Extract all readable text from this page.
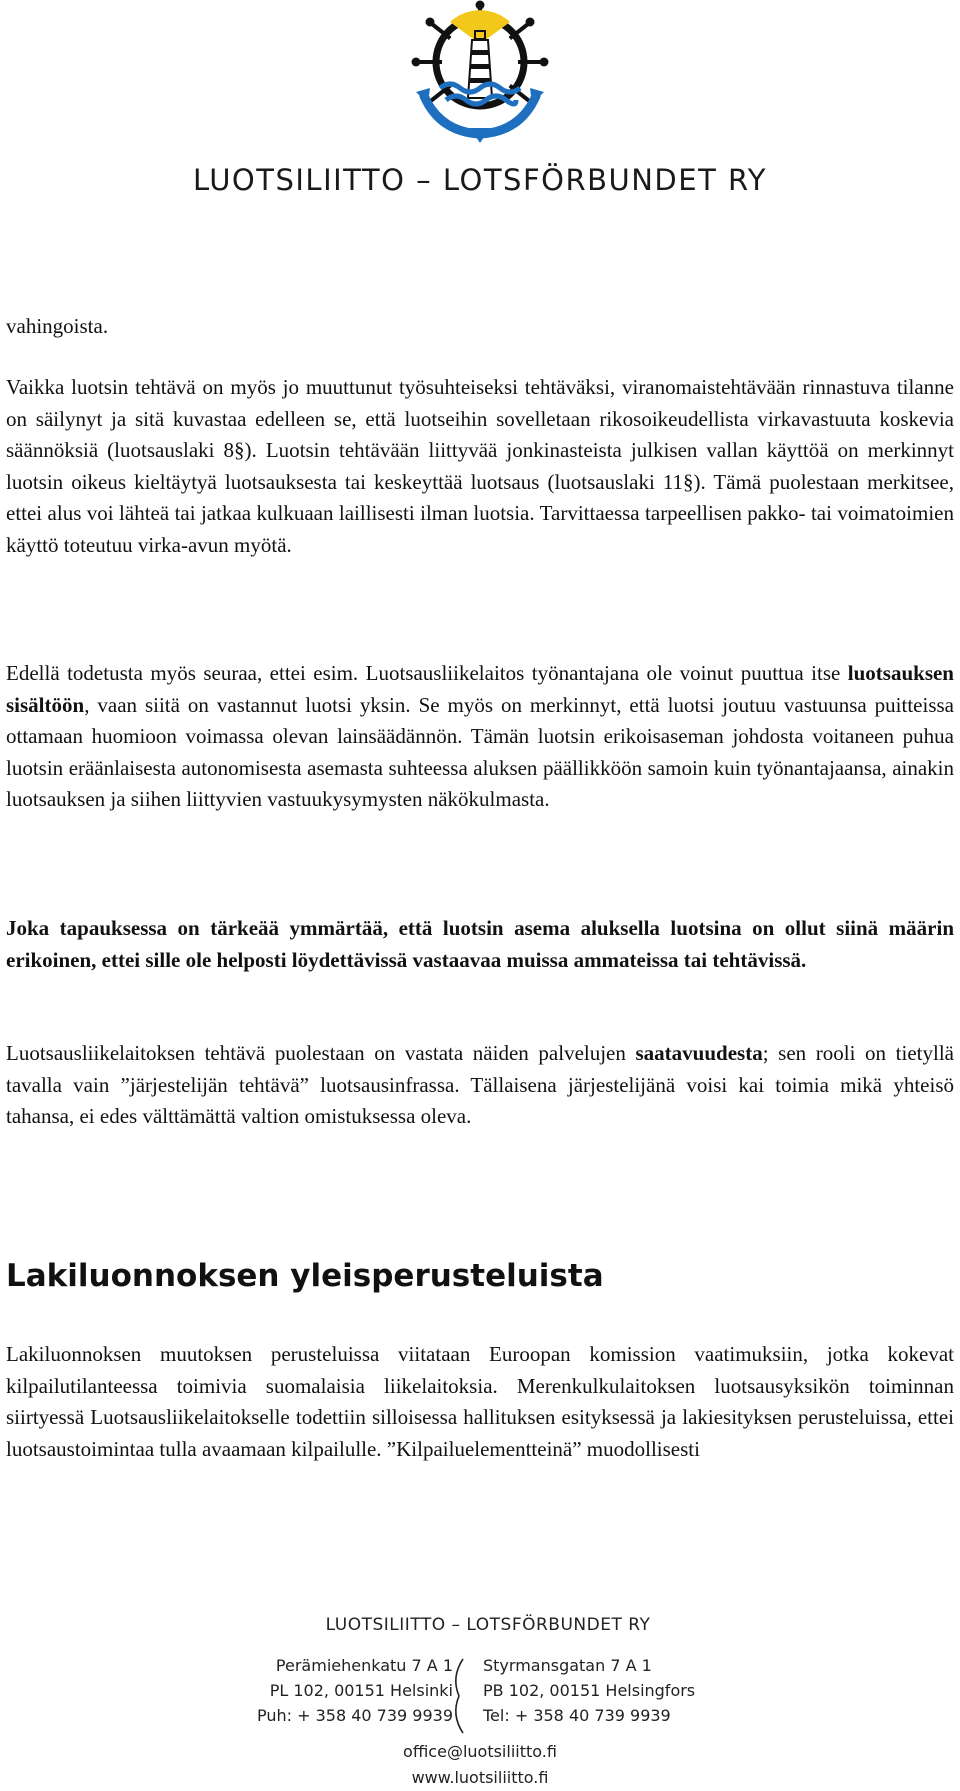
LUOTSILIITTO – LOTSFÖRBUNDET RY

vahingoista.

Vaikka luotsin tehtävä on myös jo muuttunut työsuhteiseksi tehtäväksi, viranomaistehtävään rinnastuva tilanne on säilynyt ja sitä kuvastaa edelleen se, että luotseihin sovelletaan rikosoikeudellista virkavastuuta koskevia säännöksiä (luotsauslaki 8§). Luotsin tehtävään liittyvää jonkinasteista julkisen vallan käyttöä on merkinnyt luotsin oikeus kieltäytyä luotsauksesta tai keskeyttää luotsaus (luotsauslaki 11§). Tämä puolestaan merkitsee, ettei alus voi lähteä tai jatkaa kulkuaan laillisesti ilman luotsia. Tarvittaessa tarpeellisen pakko- tai voimatoimien käyttö toteutuu virka-avun myötä.

Edellä todetusta myös seuraa, ettei esim. Luotsausliikelaitos työnantajana ole voinut puuttua itse luotsauksen sisältöön, vaan siitä on vastannut luotsi yksin. Se myös on merkinnyt, että luotsi joutuu vastuunsa puitteissa ottamaan huomioon voimassa olevan lainsäädännön. Tämän luotsin erikoisaseman johdosta voitaneen puhua luotsin eräänlaisesta autonomisesta asemasta suhteessa aluksen päällikköön samoin kuin työnantajaansa, ainakin luotsauksen ja siihen liittyvien vastuukysymysten näkökulmasta.

Joka tapauksessa on tärkeää ymmärtää, että luotsin asema aluksella luotsina on ollut siinä määrin erikoinen, ettei sille ole helposti löydettävissä vastaavaa muissa ammateissa tai tehtävissä.

Luotsausliikelaitoksen tehtävä puolestaan on vastata näiden palvelujen saatavuudesta; sen rooli on tietyllä tavalla vain ”järjestelijän tehtävä” luotsausinfrassa. Tällaisena järjestelijänä voisi kai toimia mikä yhteisö tahansa, ei edes välttämättä valtion omistuksessa oleva.

Lakiluonnoksen yleisperusteluista

Lakiluonnoksen muutoksen perusteluissa viitataan Euroopan komission vaatimuksiin, jotka kokevat kilpailutilanteessa toimivia suomalaisia liikelaitoksia. Merenkulkulaitoksen luotsausyksikön toiminnan siirtyessä Luotsausliikelaitokselle todettiin silloisessa hallituksen esityksessä ja lakiesityksen perusteluissa, ettei luotsaustoimintaa tulla avaamaan kilpailulle. ”Kilpailuelementteinä” muodollisesti

LUOTSILIITTO – LOTSFÖRBUNDET RY
Perämiehenkatu 7 A 1
PL 102, 00151 Helsinki
Puh: + 358 40 739 9939
Styrmansgatan 7 A 1
PB 102, 00151 Helsingfors
Tel: + 358 40 739 9939
office@luotsiliitto.fi
www.luotsiliitto.fi
